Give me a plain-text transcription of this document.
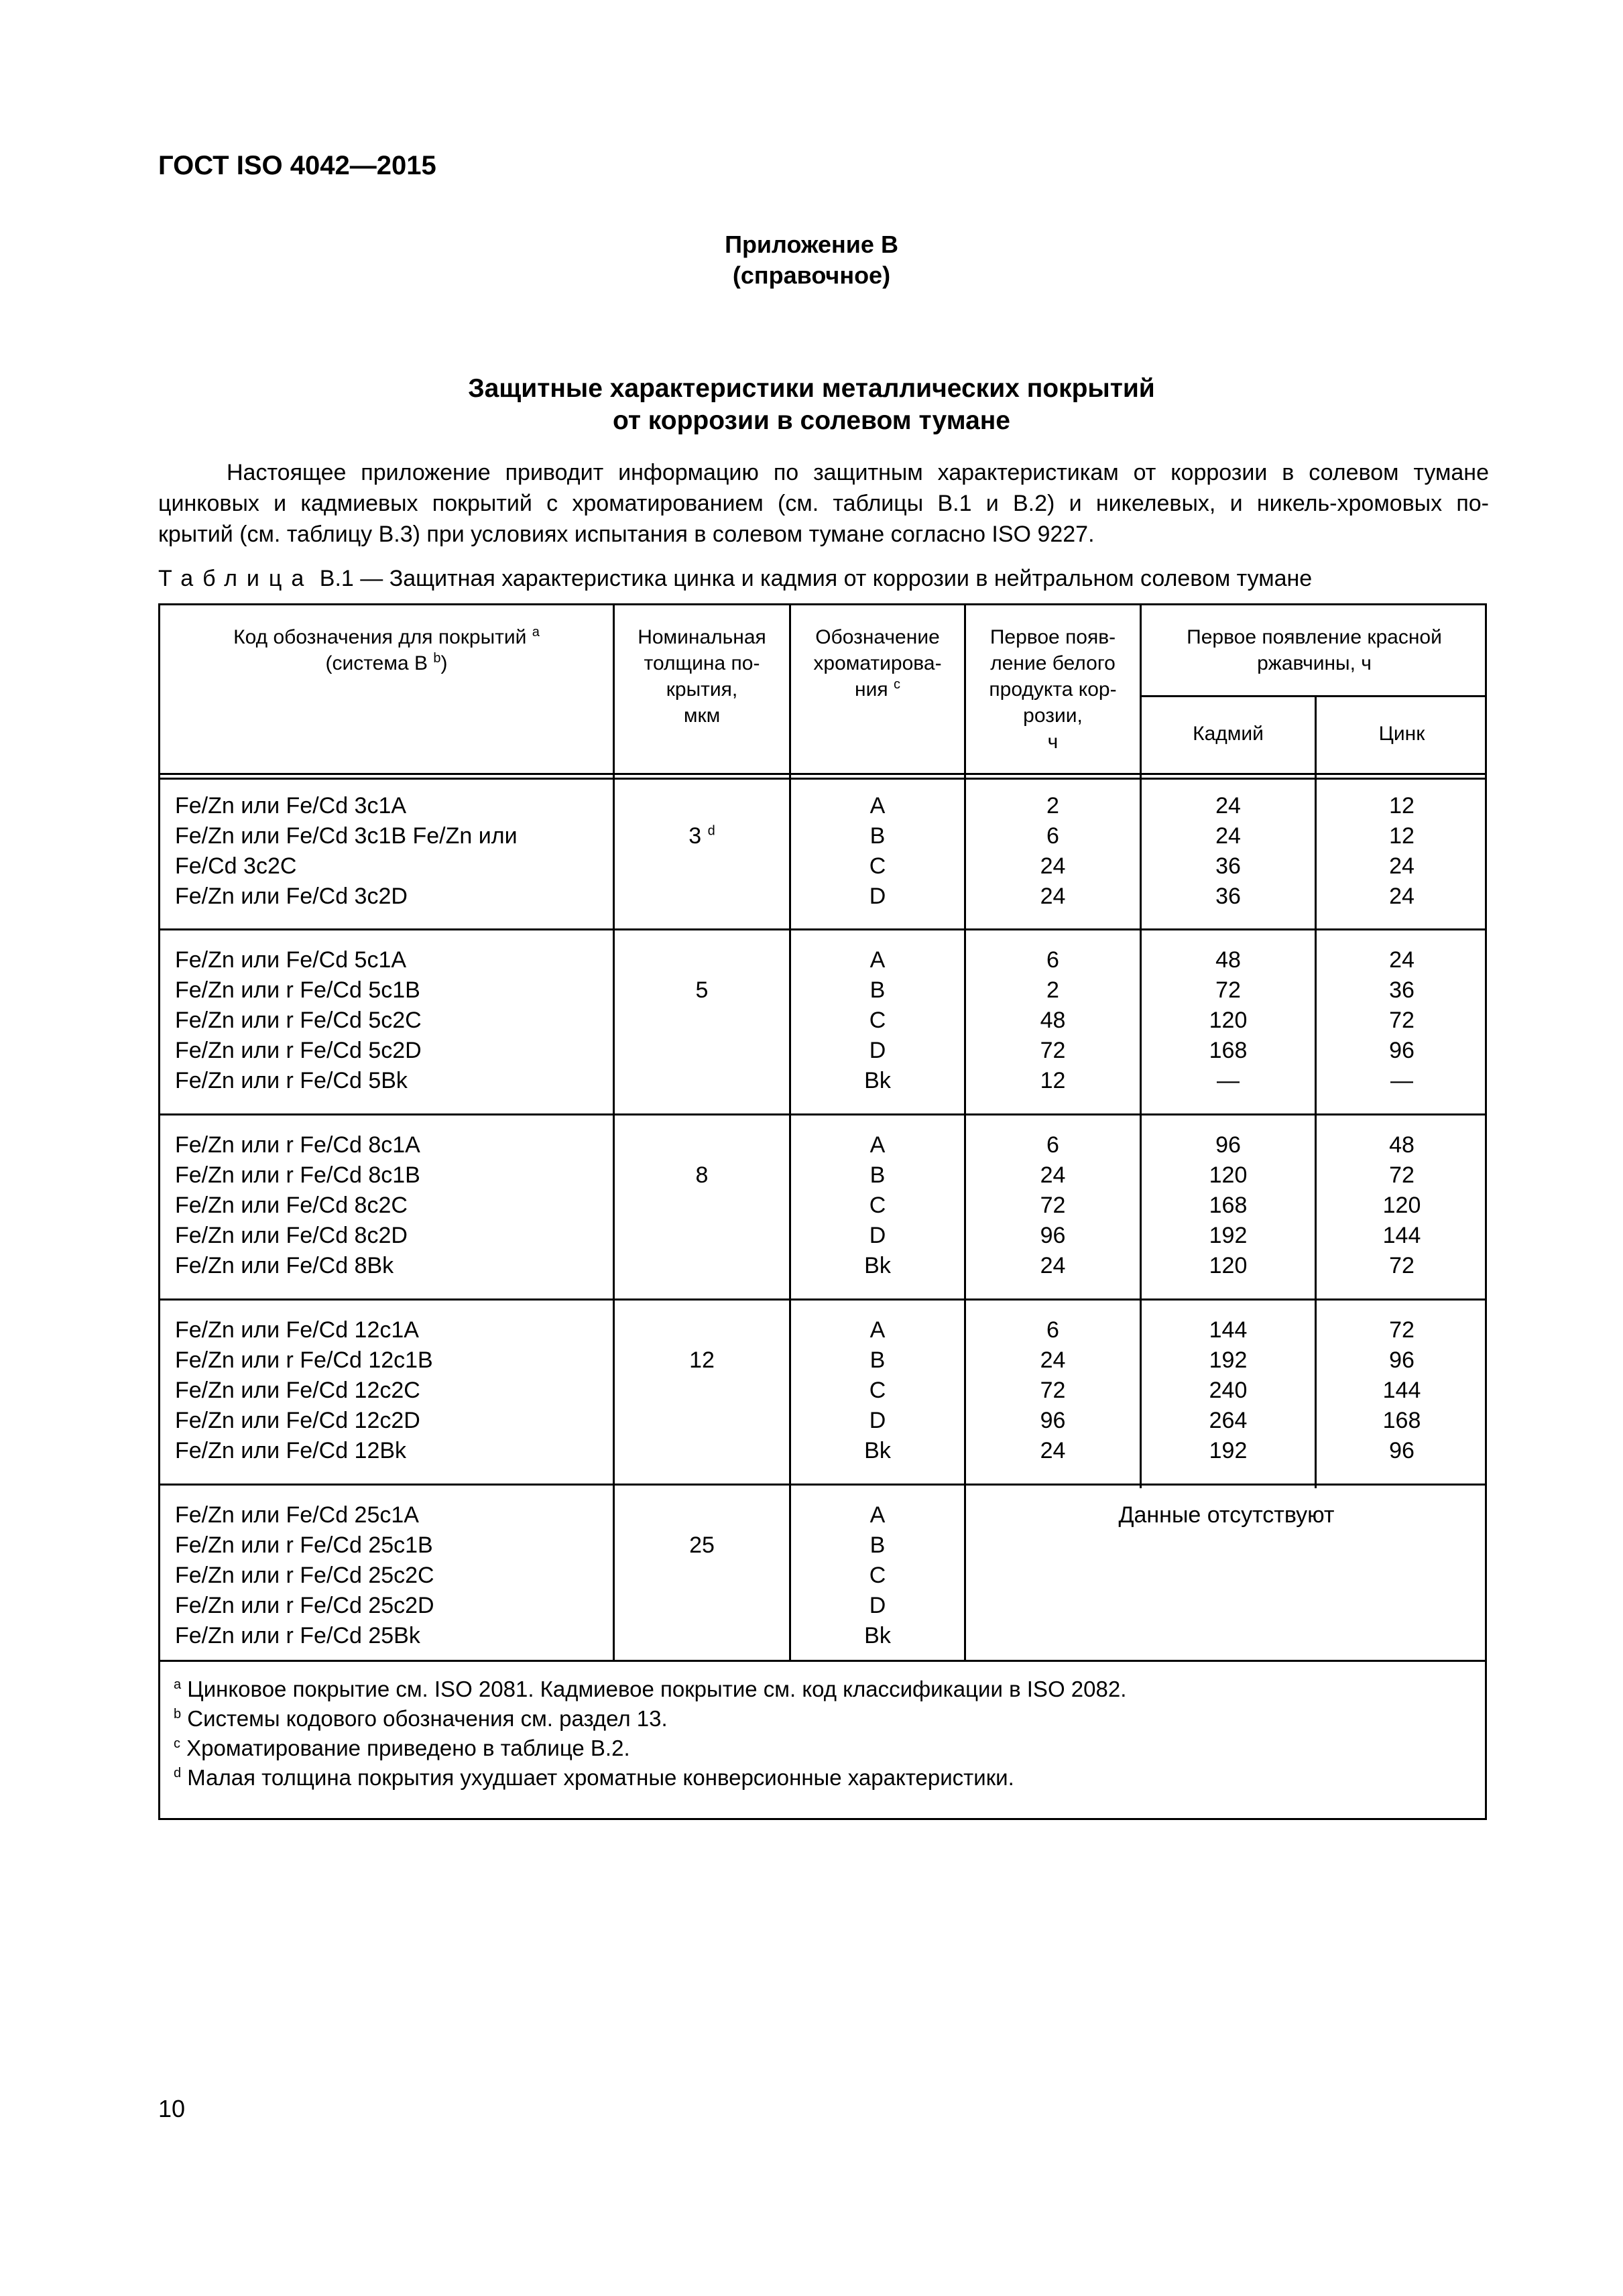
ГОСТ ISO 4042—2015
Приложение В
(справочное)
Защитные характеристики металлических покрытий
от коррозии в солевом тумане
Настоящее приложение приводит информацию по защитным характеристикам от коррозии в солевом тумане
цинковых и кадмиевых покрытий с хроматированием (см. таблицы В.1 и В.2) и никелевых, и никель-хромовых по-
крытий (см. таблицу В.3) при условиях испытания в солевом тумане согласно ISO 9227.
Таблица В.1 — Защитная характеристика цинка и кадмия от коррозии в нейтральном солевом тумане
Код обозначения для покрытий $^a$
(система В $^b$)
Номинальная
толщина по-
крытия,
мкм
Обозначение
хроматирова-
ния $^c$
Первое появ-
ление белого
продукта кор-
розии,
ч
Первое появление красной
ржавчины, ч
Кадмий	Цинк
Fe/Zn или Fe/Cd 3c1A
Fe/Zn или Fe/Cd 3c1B Fe/Zn или
Fe/Cd 3c2C
Fe/Zn или Fe/Cd 3c2D
3 $^d$
A
B
C
D
2
6
24
24
24
24
36
36
12
12
24
24
Fe/Zn или Fe/Cd 5c1A
Fe/Zn или r Fe/Cd 5c1B
Fe/Zn или r Fe/Cd 5c2C
Fe/Zn или r Fe/Cd 5c2D
Fe/Zn или r Fe/Cd 5Bk
5
A
B
C
D
Bk
6
2
48
72
12
48
72
120
168
—
24
36
72
96
—
Fe/Zn или r Fe/Cd 8c1A
Fe/Zn или r Fe/Cd 8c1B
Fe/Zn или Fe/Cd 8c2C
Fe/Zn или Fe/Cd 8c2D
Fe/Zn или Fe/Cd 8Bk
8
A
B
C
D
Bk
6
24
72
96
24
96
120
168
192
120
48
72
120
144
72
Fe/Zn или Fe/Cd 12c1A
Fe/Zn или r Fe/Cd 12c1B
Fe/Zn или Fe/Cd 12c2C
Fe/Zn или Fe/Cd 12c2D
Fe/Zn или Fe/Cd 12Bk
12
A
B
C
D
Bk
6
24
72
96
24
144
192
240
264
192
72
96
144
168
96
Fe/Zn или Fe/Cd 25c1A
Fe/Zn или r Fe/Cd 25c1B
Fe/Zn или r Fe/Cd 25c2C
Fe/Zn или r Fe/Cd 25c2D
Fe/Zn или r Fe/Cd 25Bk
25
A
B
C
D
Bk
Данные отсутствуют
$^a$ Цинковое покрытие см. ISO 2081. Кадмиевое покрытие см. код классификации в ISO 2082.
$^b$ Системы кодового обозначения см. раздел 13.
$^c$ Хроматирование приведено в таблице В.2.
$^d$ Малая толщина покрытия ухудшает хроматные конверсионные характеристики.
10
